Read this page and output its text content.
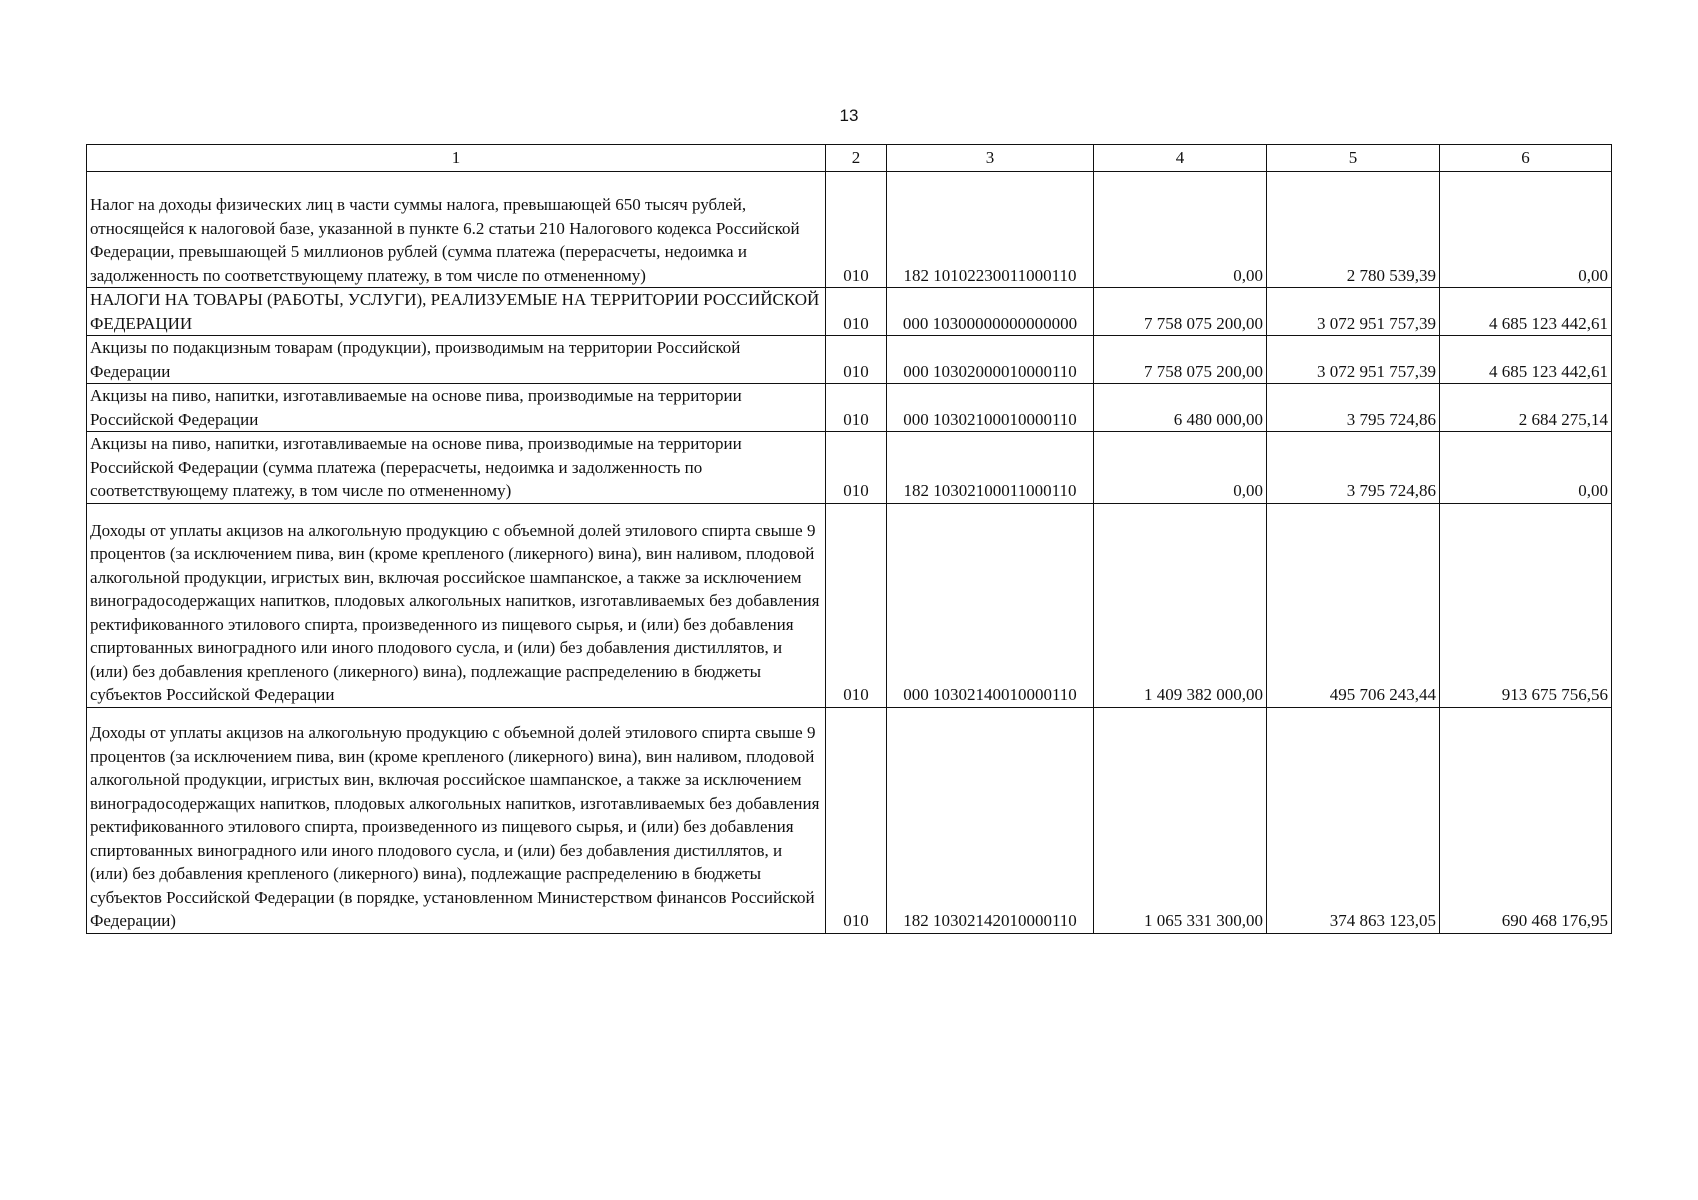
13
1	2	3	4	5	6

Налог на доходы физических лиц в части суммы налога, превышающей 650 тысяч рублей, относящейся к налоговой базе, указанной в пункте 6.2 статьи 210 Налогового кодекса Российской Федерации, превышающей 5 миллионов рублей (сумма платежа (перерасчеты, недоимка и задолженность по соответствующему платежу, в том числе по отмененному)	010	182 10102230011000110	0,00	2 780 539,39	0,00

НАЛОГИ НА ТОВАРЫ (РАБОТЫ, УСЛУГИ), РЕАЛИЗУЕМЫЕ НА ТЕРРИТОРИИ РОССИЙСКОЙ ФЕДЕРАЦИИ	010	000 10300000000000000	7 758 075 200,00	3 072 951 757,39	4 685 123 442,61

Акцизы по подакцизным товарам (продукции), производимым на территории Российской Федерации	010	000 10302000010000110	7 758 075 200,00	3 072 951 757,39	4 685 123 442,61

Акцизы на пиво, напитки, изготавливаемые на основе пива, производимые на территории Российской Федерации	010	000 10302100010000110	6 480 000,00	3 795 724,86	2 684 275,14

Акцизы на пиво, напитки, изготавливаемые на основе пива, производимые на территории Российской Федерации (сумма платежа (перерасчеты, недоимка и задолженность по соответствующему платежу, в том числе по отмененному)	010	182 10302100011000110	0,00	3 795 724,86	0,00

Доходы от уплаты акцизов на алкогольную продукцию с объемной долей этилового спирта свыше 9 процентов (за исключением пива, вин (кроме крепленого (ликерного) вина), вин наливом, плодовой алкогольной продукции, игристых вин, включая российское шампанское, а также за исключением виноградосодержащих напитков, плодовых алкогольных напитков, изготавливаемых без добавления ректификованного этилового спирта, произведенного из пищевого сырья, и (или) без добавления спиртованных виноградного или иного плодового сусла, и (или) без добавления дистиллятов, и (или) без добавления крепленого (ликерного) вина), подлежащие распределению в бюджеты субъектов Российской Федерации	010	000 10302140010000110	1 409 382 000,00	495 706 243,44	913 675 756,56

Доходы от уплаты акцизов на алкогольную продукцию с объемной долей этилового спирта свыше 9 процентов (за исключением пива, вин (кроме крепленого (ликерного) вина), вин наливом, плодовой алкогольной продукции, игристых вин, включая российское шампанское, а также за исключением виноградосодержащих напитков, плодовых алкогольных напитков, изготавливаемых без добавления ректификованного этилового спирта, произведенного из пищевого сырья, и (или) без добавления спиртованных виноградного или иного плодового сусла, и (или) без добавления дистиллятов, и (или) без добавления крепленого (ликерного) вина), подлежащие распределению в бюджеты субъектов Российской Федерации (в порядке, установленном Министерством финансов Российской Федерации)	010	182 10302142010000110	1 065 331 300,00	374 863 123,05	690 468 176,95
